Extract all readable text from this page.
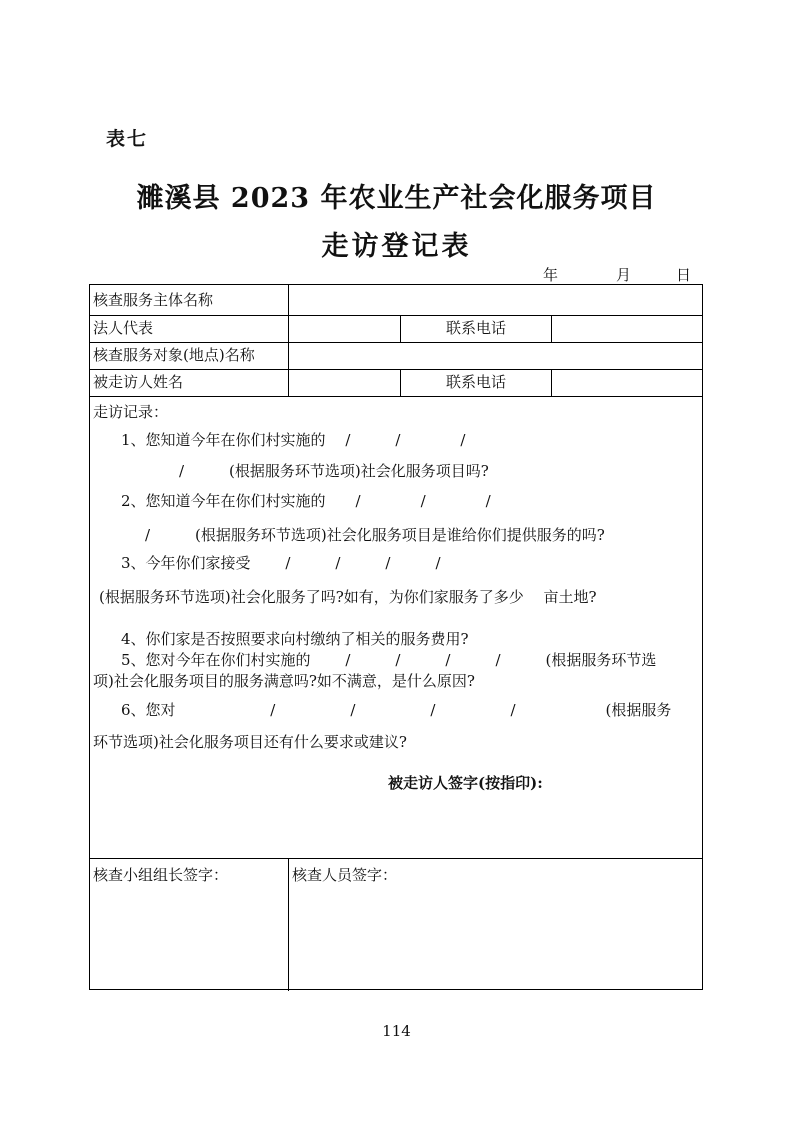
表七
濉溪县 2023 年农业生产社会化服务项目
走访登记表
年	月	日
核查服务主体名称
法人代表	联系电话
核查服务对象(地点)名称
被走访人姓名	联系电话
走访记录：
1、您知道今年在你们村实施的　 /　　　/　　　　/
/　　　(根据服务环节选项)社会化服务项目吗?
2、您知道今年在你们村实施的　　/　　　　/　　　　/
/　　　(根据服务环节选项)社会化服务项目是谁给你们提供服务的吗?
3、今年你们家接受　　 /　　　/　　　/　　　/
(根据服务环节选项)社会化服务了吗?如有，为你们家服务了多少　 亩土地?
4、你们家是否按照要求向村缴纳了相关的服务费用?
5、您对今年在你们村实施的　　 /　　　/　　　/　　　/　　　(根据服务环节选
项)社会化服务项目的服务满意吗?如不满意，是什么原因?
6、您对　　　　　　 /　　　　　/　　　　　/　　　　　/　　　　　　(根据服务
环节选项)社会化服务项目还有什么要求或建议?
被走访人签字(按指印):
核查小组组长签字：	核查人员签字：
114
